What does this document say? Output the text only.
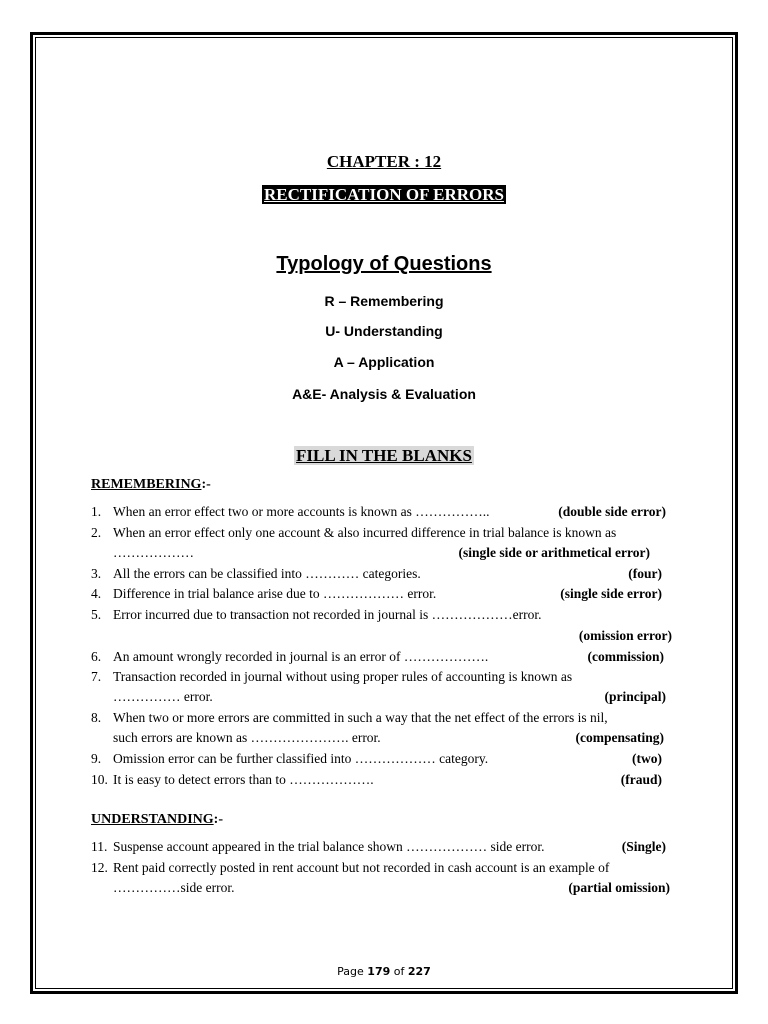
CHAPTER : 12
RECTIFICATION OF ERRORS
Typology of Questions
R – Remembering
U- Understanding
A – Application
A&E- Analysis & Evaluation
FILL IN THE BLANKS
REMEMBERING:-
1. When an error effect two or more accounts is known as ……………..	(double side error)
2. When an error effect only one account & also incurred difference in trial balance is known as
………………	(single side or arithmetical error)
3. All the errors can be classified into ………… categories.	(four)
4. Difference in trial balance arise due to ……………… error.	(single side error)
5. Error incurred due to transaction not recorded in journal is ………………error.
(omission error)
6. An amount wrongly recorded in journal is an error of ……………….	(commission)
7. Transaction recorded in journal without using proper rules of accounting is known as
…………… error.	(principal)
8. When two or more errors are committed in such a way that the net effect of the errors is nil,
such errors are known as …………………. error.	(compensating)
9. Omission error can be further classified into ……………… category.	(two)
10. It is easy to detect errors than to ……………….	(fraud)
UNDERSTANDING:-
11. Suspense account appeared in the trial balance shown ……………… side error.	(Single)
12. Rent paid correctly posted in rent account but not recorded in cash account is an example of
……………side error.	(partial omission)
Page 179 of 227
